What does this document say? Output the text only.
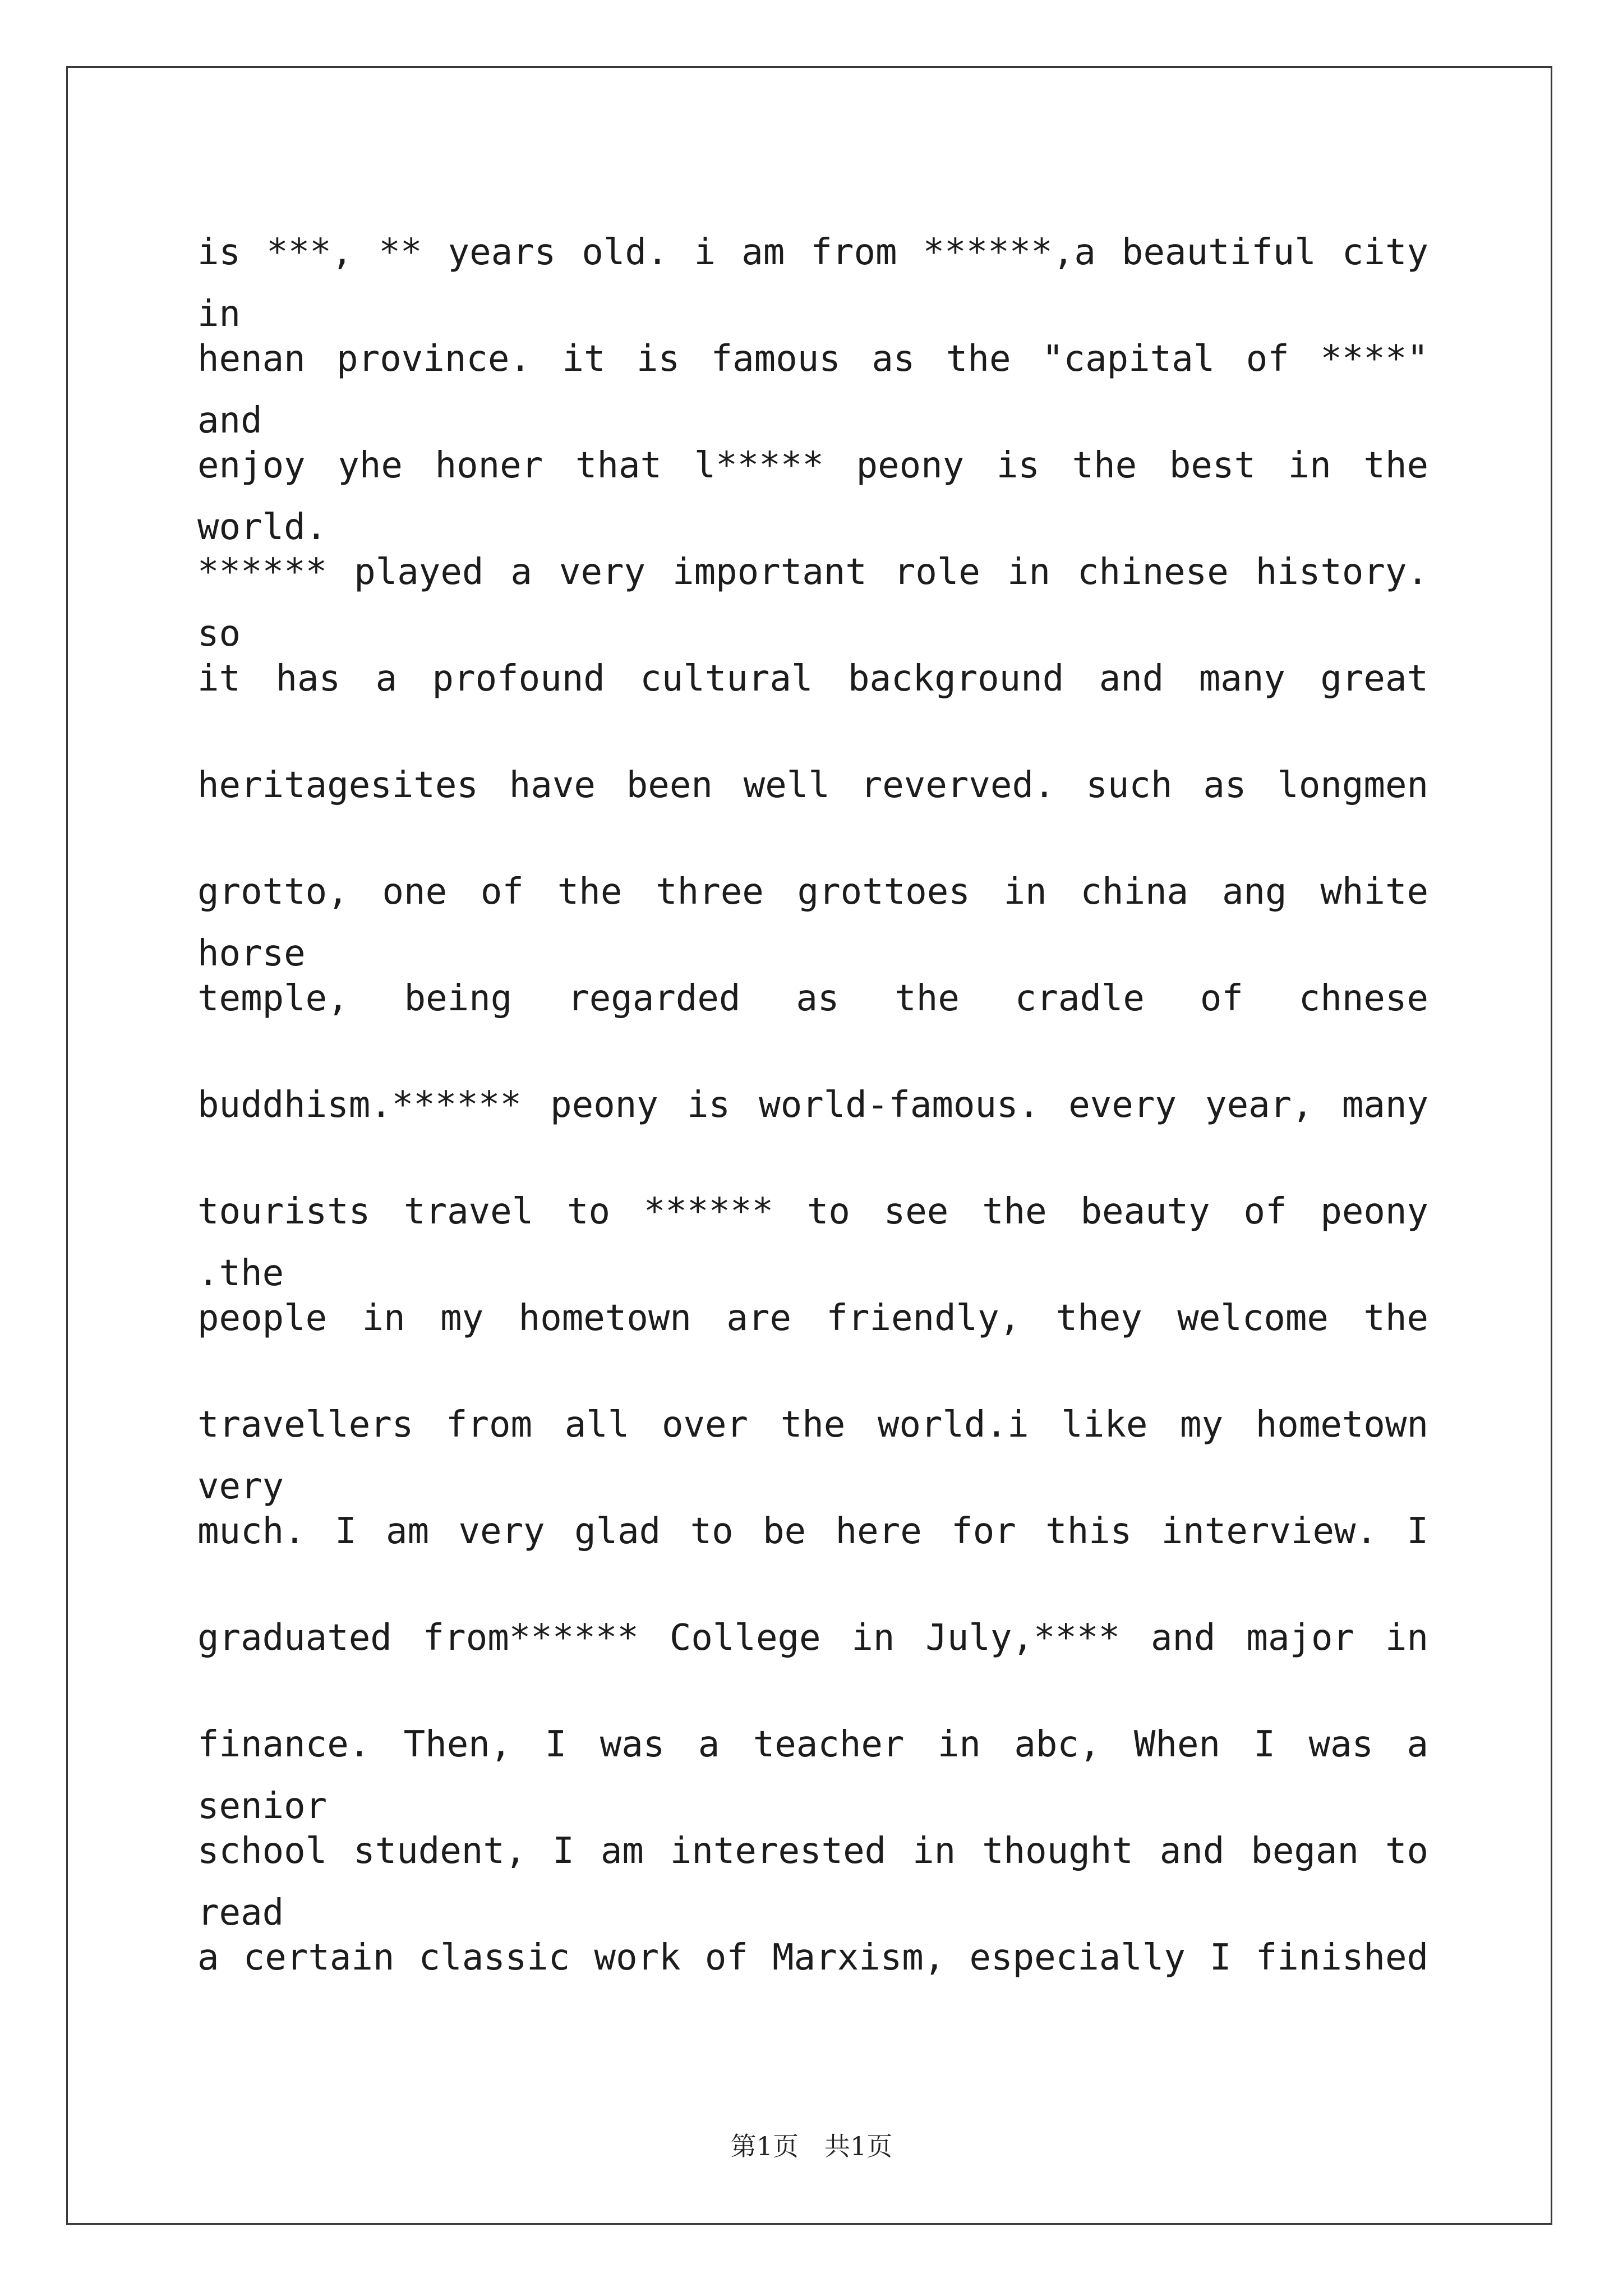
is ***, ** years old. i am from ******,a beautiful city in
henan province. it is famous as the "capital of ****" and
enjoy yhe honer that l***** peony is the best in the world.
****** played a very important role in chinese history. so
it has a profound cultural background and many great
heritagesites have been well reverved. such as longmen
grotto, one of the three grottoes in china ang white horse
temple, being regarded as the cradle of chnese
buddhism.****** peony is world-famous. every year, many
tourists travel to ****** to see the beauty of peony .the
people in my hometown are friendly, they welcome the
travellers from all over the world.i like my hometown very
much. I am very glad to be here for this interview. I
graduated from****** College in July,**** and major in
finance. Then, I was a teacher in abc, When I was a senior
school student, I am interested in thought and began to read
a certain classic work of Marxism, especially I finished
第1页　共1页
